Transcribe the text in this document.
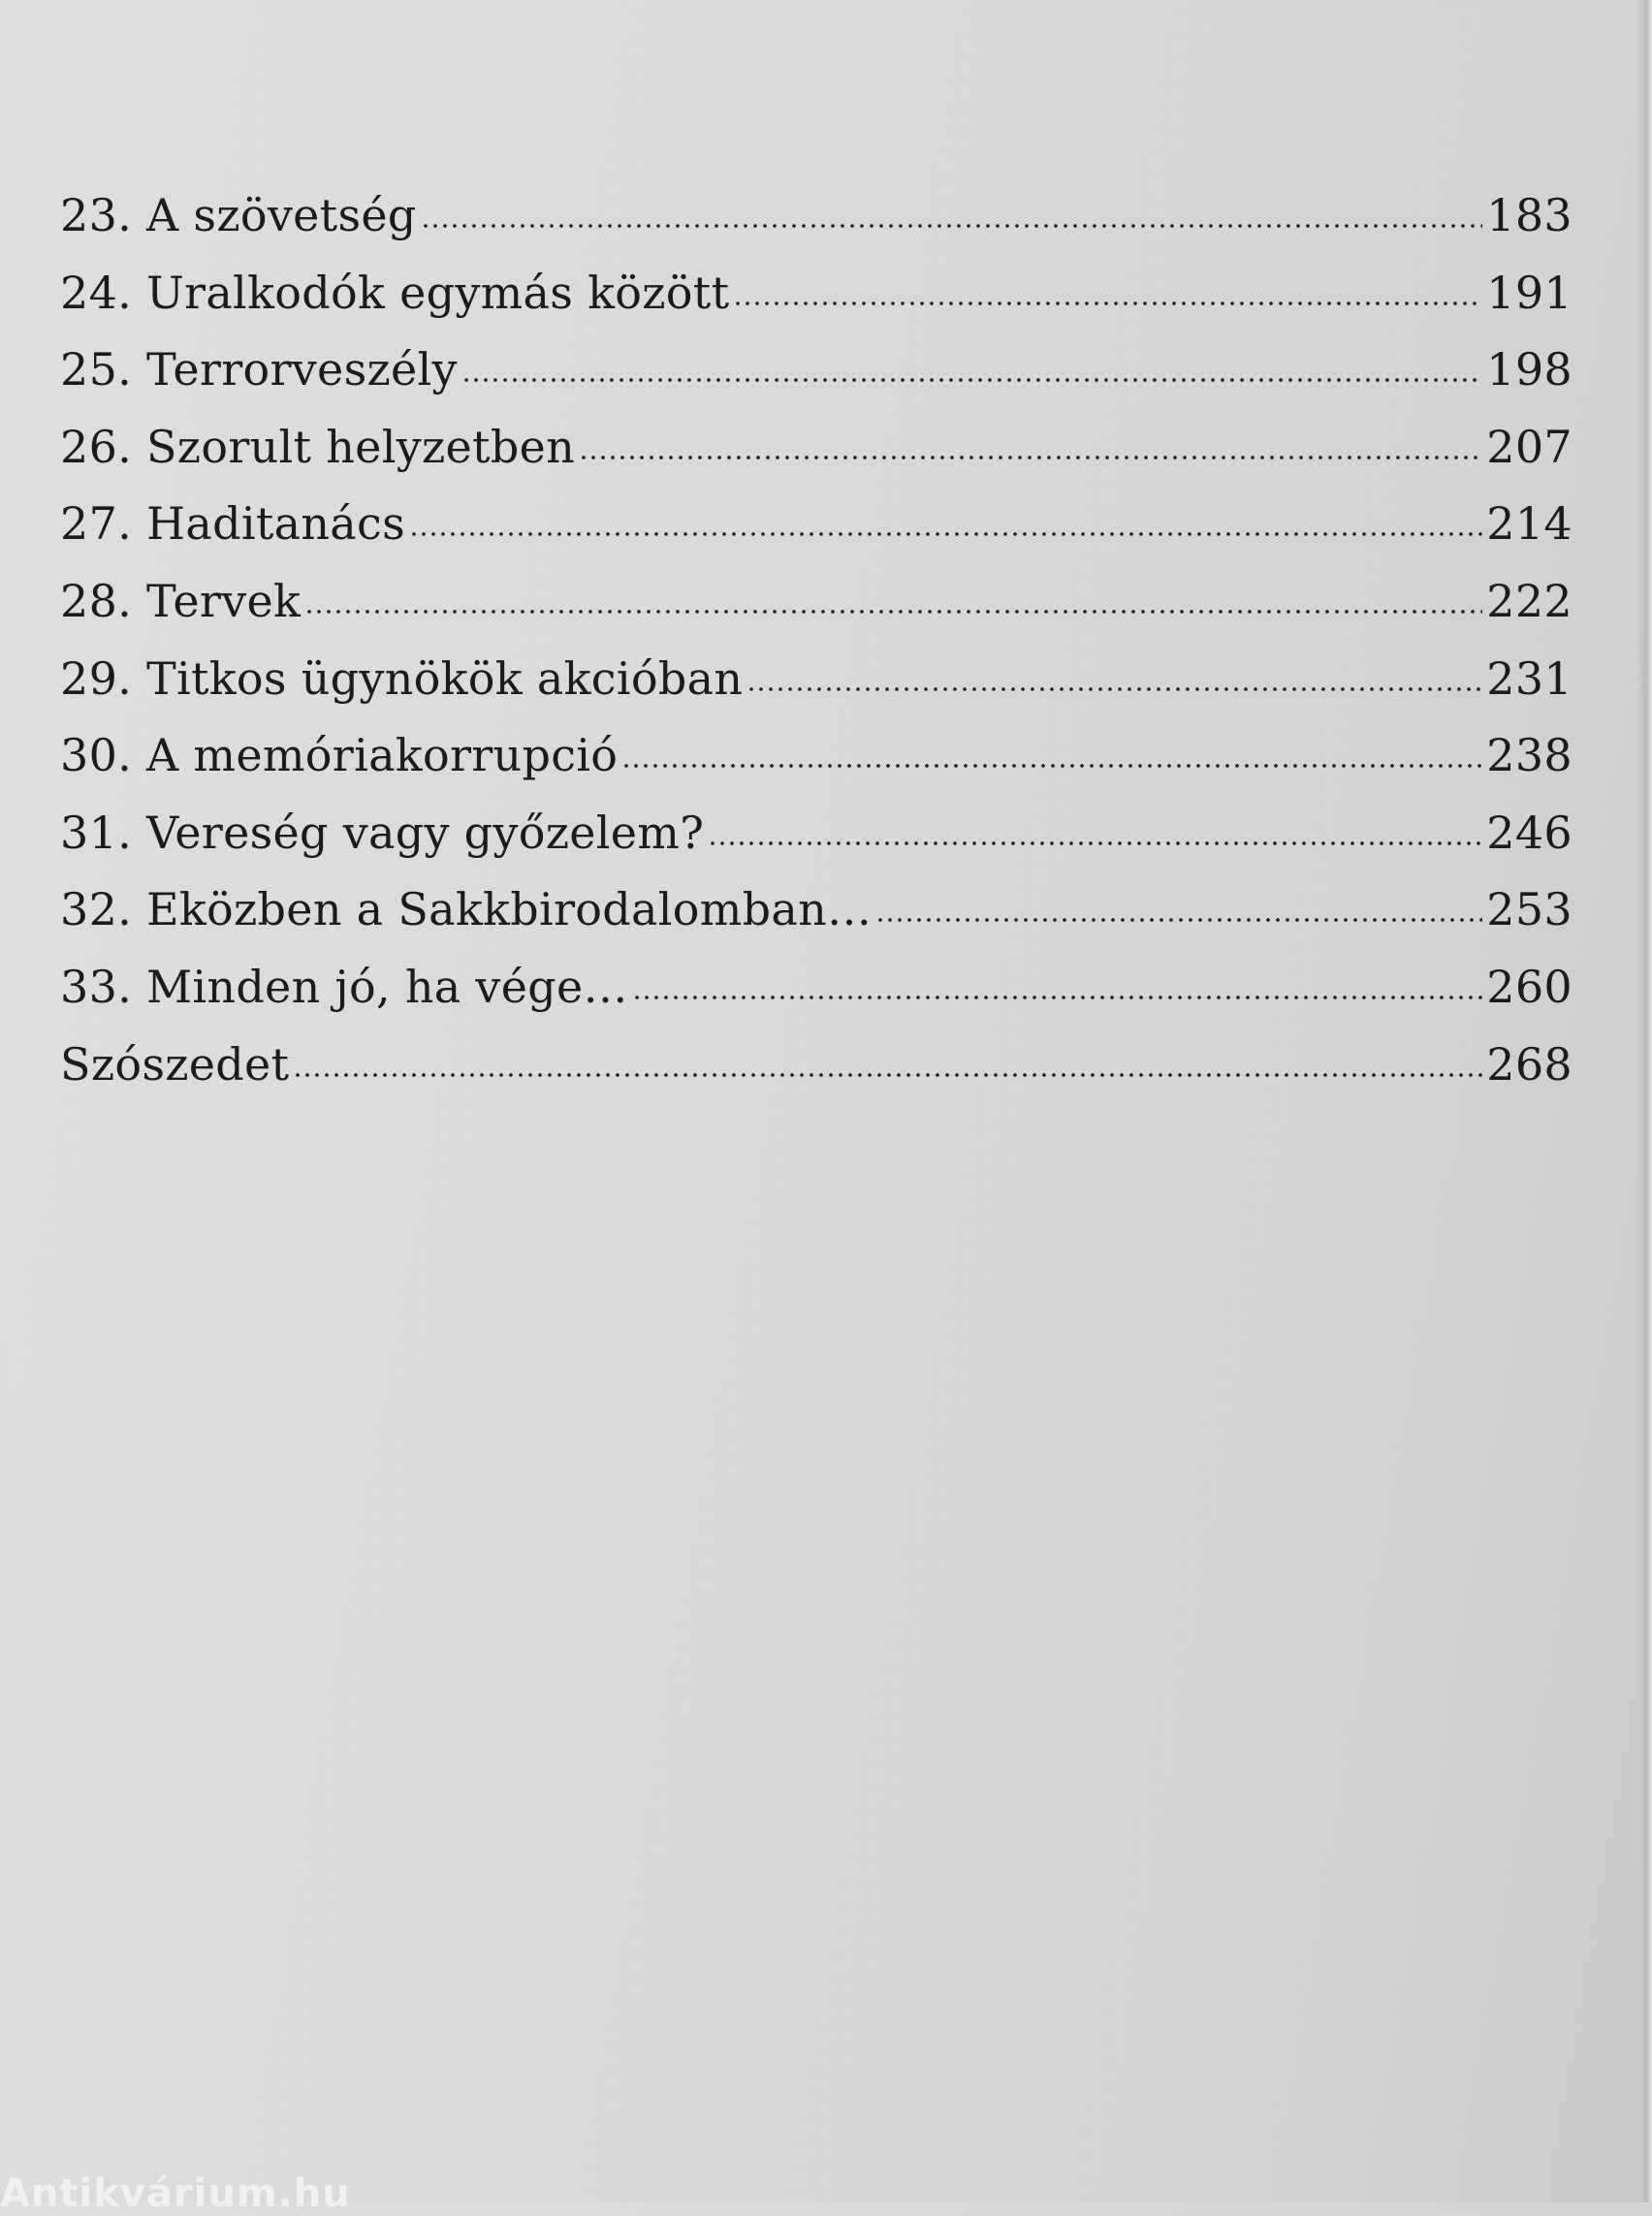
23. A szövetség	183
24. Uralkodók egymás között	191
25. Terrorveszély	198
26. Szorult helyzetben	207
27. Haditanács	214
28. Tervek	222
29. Titkos ügynökök akcióban	231
30. A memóriakorrupció	238
31. Vereség vagy győzelem?	246
32. Eközben a Sakkbirodalomban…	253
33. Minden jó, ha vége…	260
Szószedet	268
Antikvárium.hu
